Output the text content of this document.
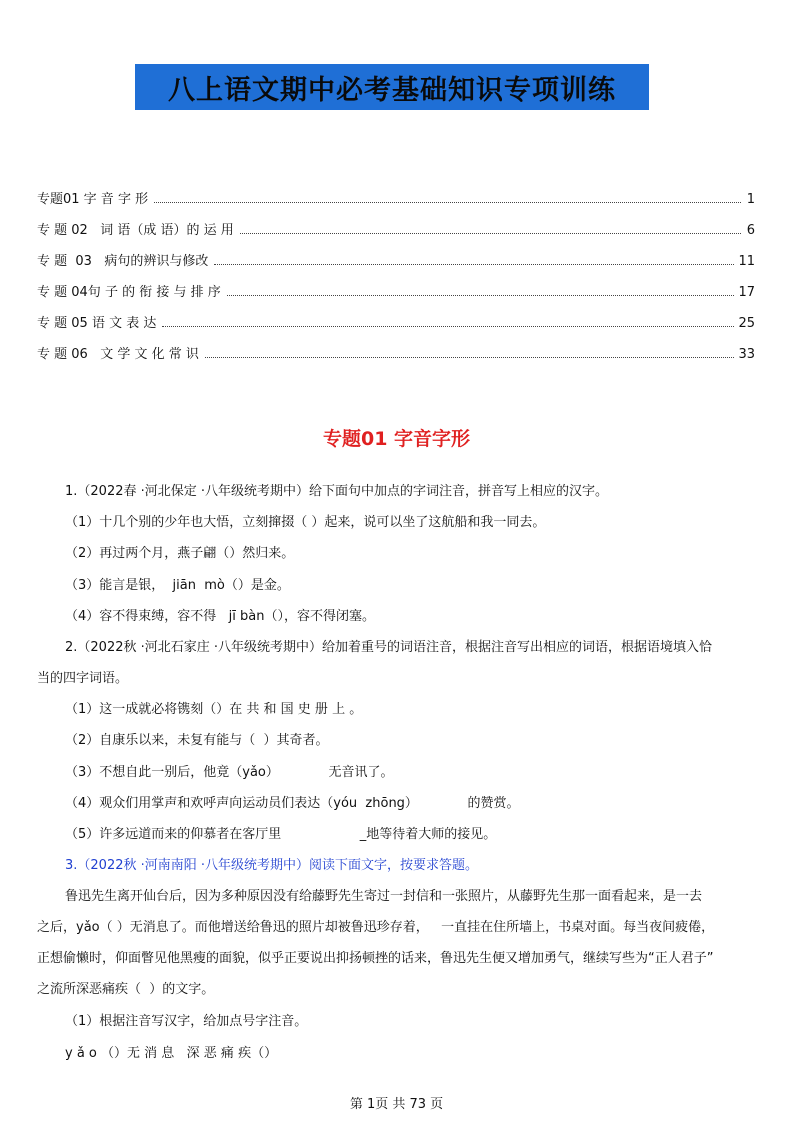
八上语文期中必考基础知识专项训练
专题01 字 音 字 形	1
专 题 02   词 语（成 语）的 运 用	6
专 题  03   病句的辨识与修改	11
专 题 04句 子 的 衔 接 与 排 序	17
专 题 05 语 文 表 达	25
专 题 06   文 学 文 化 常 识	33
专题01 字音字形
1.（2022春 ·河北保定 ·八年级统考期中）给下面句中加点的字词注音，拼音写上相应的汉字。
（1）十几个别的少年也大悟，立刻撺掇（ ）起来，说可以坐了这航船和我一同去。
（2）再过两个月，燕子翩（）然归来。
（3）能言是银，  jiān  mò（）是金。
（4）容不得束缚，容不得   jī bàn（），容不得闭塞。
2.（2022秋 ·河北石家庄 ·八年级统考期中）给加着重号的词语注音，根据注音写出相应的词语，根据语境填入恰
当的四字词语。
（1）这一成就必将镌刻（）在 共 和 国 史 册 上 。
（2）自康乐以来，未复有能与（  ）其奇者。
（3）不想自此一别后，他竟（yǎo）            无音讯了。
（4）观众们用掌声和欢呼声向运动员们表达（yóu  zhōng）            的赞赏。
（5）许多远道而来的仰慕者在客厅里                   _地等待着大师的接见。
3.（2022秋 ·河南南阳 ·八年级统考期中）阅读下面文字，按要求答题。
鲁迅先生离开仙台后，因为多种原因没有给藤野先生寄过一封信和一张照片，从藤野先生那一面看起来，是一去
之后，yǎo（ ）无消息了。而他增送给鲁迅的照片却被鲁迅珍存着，   一直挂在住所墙上，书桌对面。每当夜间疲倦，
正想偷懒时，仰面瞥见他黑瘦的面貌，似乎正要说出抑扬顿挫的话来，鲁迅先生便又增加勇气，继续写些为“正人君子”
之流所深恶痛疾（  ）的文字。
（1）根据注音写汉字，给加点号字注音。
y ǎ o （）无 消 息   深 恶 痛 疾（）
第 1页 共 73 页
